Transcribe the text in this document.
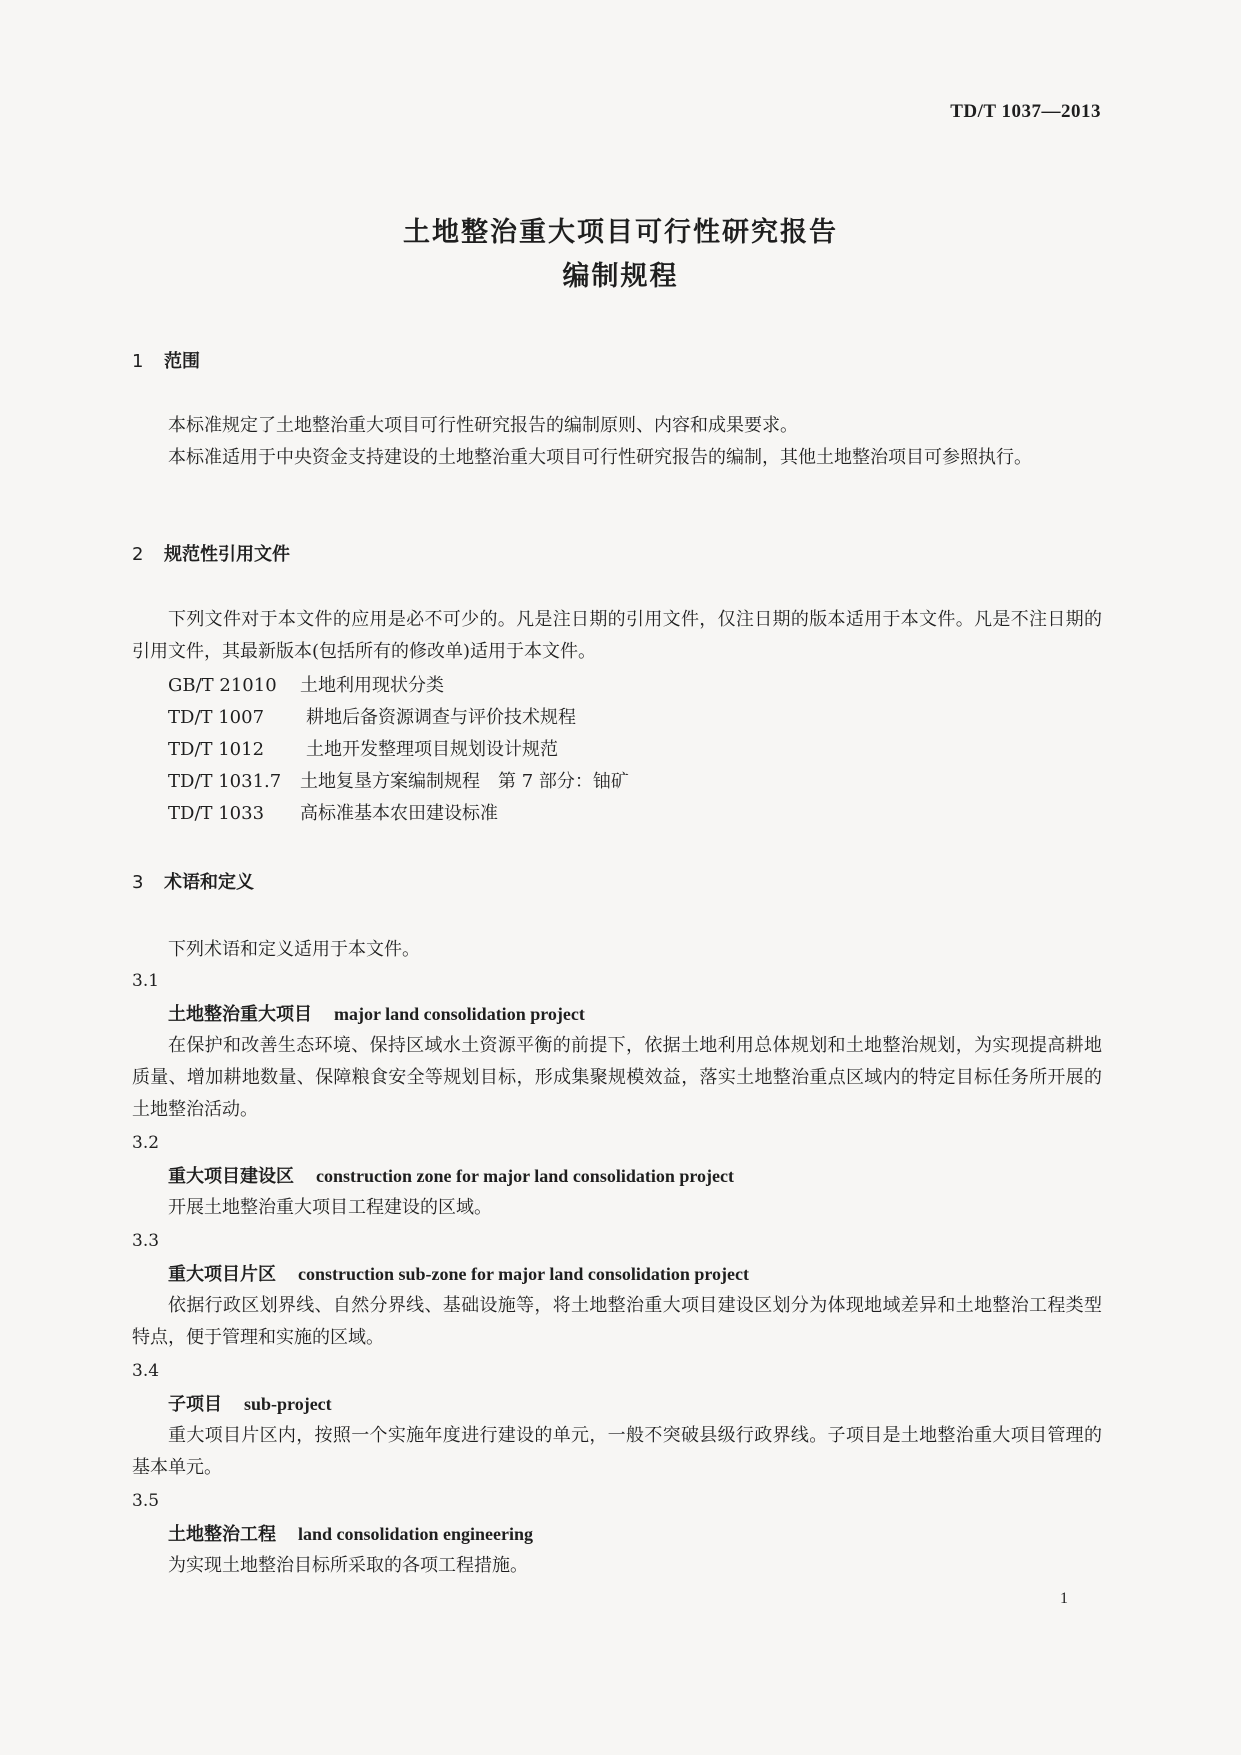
TD/T 1037—2013
土地整治重大项目可行性研究报告
编制规程
1 范围
本标准规定了土地整治重大项目可行性研究报告的编制原则、内容和成果要求。
本标准适用于中央资金支持建设的土地整治重大项目可行性研究报告的编制，其他土地整治项目可参照执行。
2 规范性引用文件
下列文件对于本文件的应用是必不可少的。凡是注日期的引用文件，仅注日期的版本适用于本文件。凡是不注日期的引用文件，其最新版本(包括所有的修改单)适用于本文件。
GB/T 21010 土地利用现状分类
TD/T 1007 耕地后备资源调查与评价技术规程
TD/T 1012 土地开发整理项目规划设计规范
TD/T 1031.7 土地复垦方案编制规程　第 7 部分：铀矿
TD/T 1033 高标准基本农田建设标准
3 术语和定义
下列术语和定义适用于本文件。
3.1
土地整治重大项目 major land consolidation project
在保护和改善生态环境、保持区域水土资源平衡的前提下，依据土地利用总体规划和土地整治规划，为实现提高耕地质量、增加耕地数量、保障粮食安全等规划目标，形成集聚规模效益，落实土地整治重点区域内的特定目标任务所开展的土地整治活动。
3.2
重大项目建设区 construction zone for major land consolidation project
开展土地整治重大项目工程建设的区域。
3.3
重大项目片区 construction sub-zone for major land consolidation project
依据行政区划界线、自然分界线、基础设施等，将土地整治重大项目建设区划分为体现地域差异和土地整治工程类型特点，便于管理和实施的区域。
3.4
子项目 sub-project
重大项目片区内，按照一个实施年度进行建设的单元，一般不突破县级行政界线。子项目是土地整治重大项目管理的基本单元。
3.5
土地整治工程 land consolidation engineering
为实现土地整治目标所采取的各项工程措施。
1
